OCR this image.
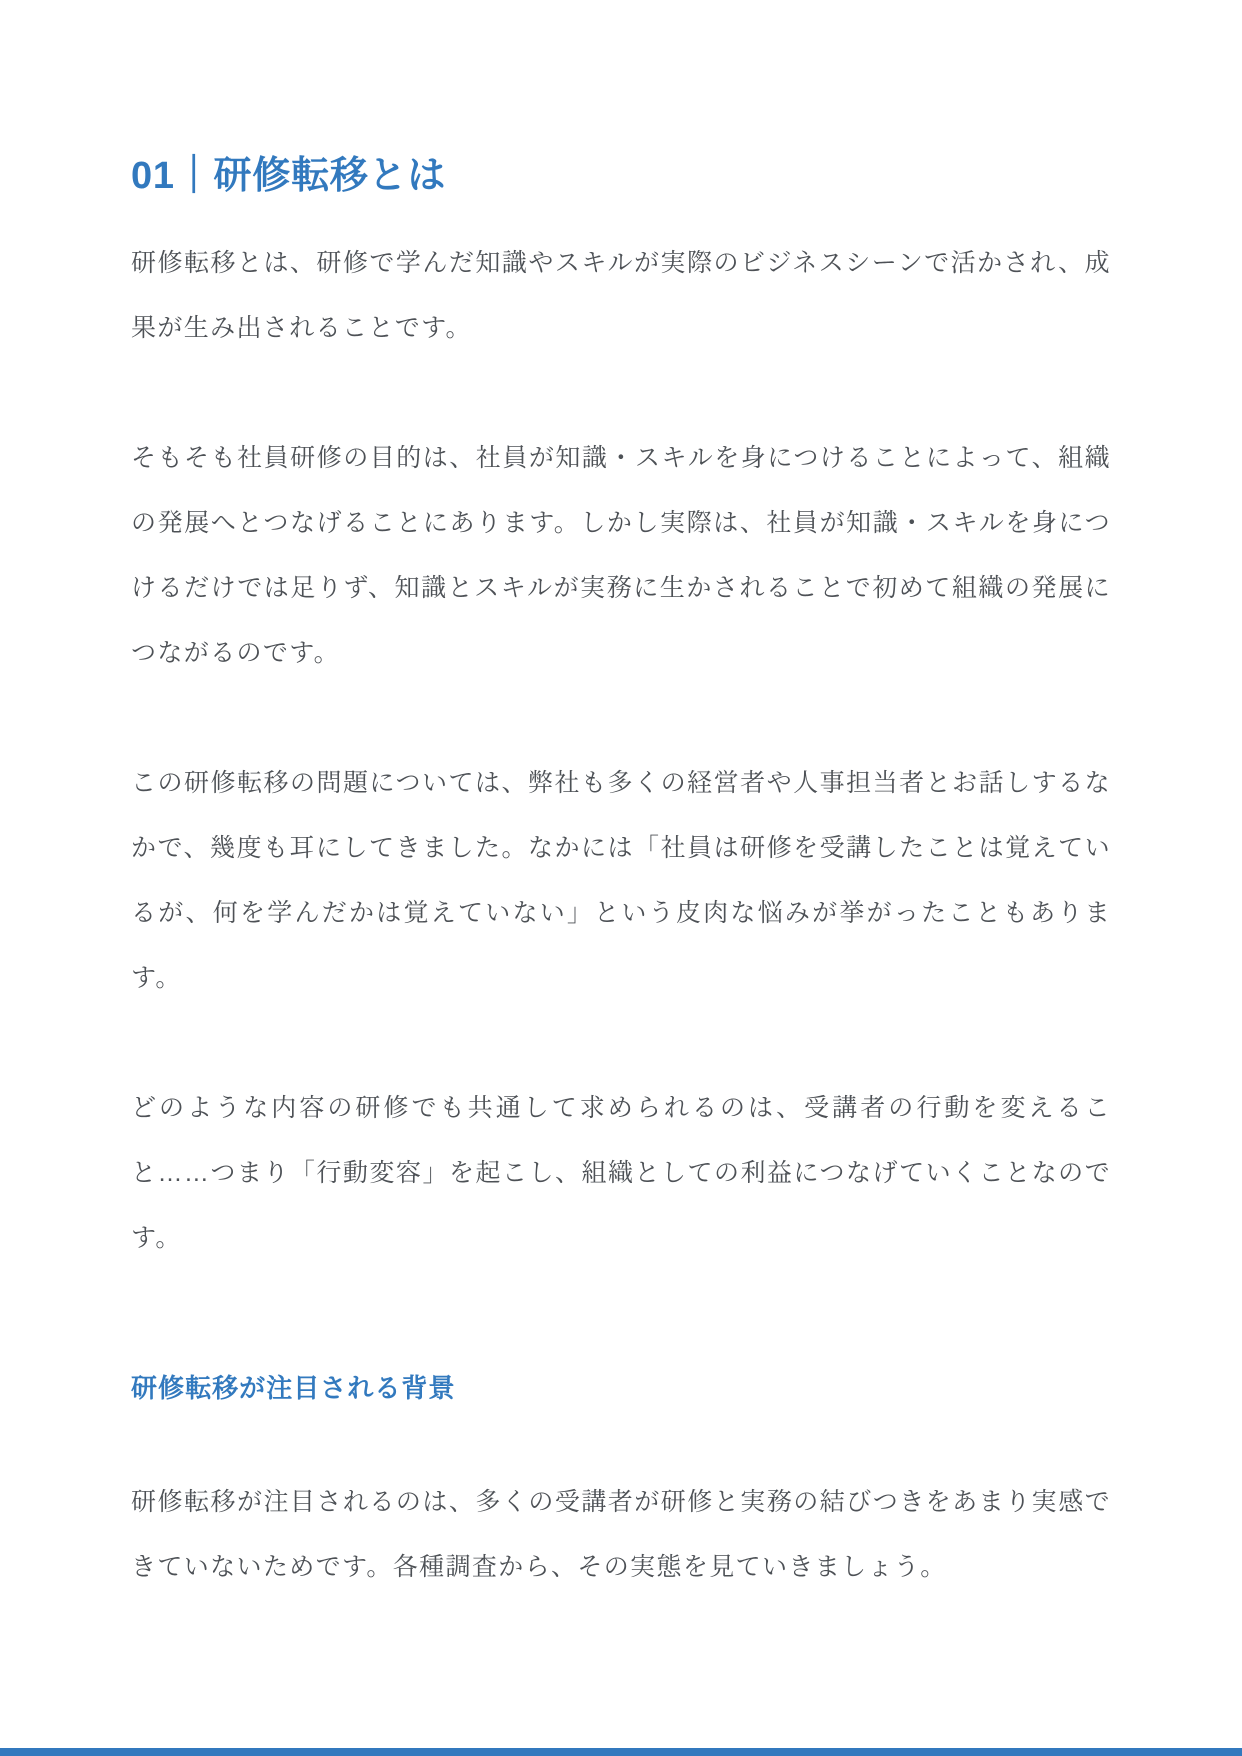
01｜研修転移とは

研修転移とは、研修で学んだ知識やスキルが実際のビジネスシーンで活かされ、成果が生み出されることです。

そもそも社員研修の目的は、社員が知識・スキルを身につけることによって、組織の発展へとつなげることにあります。しかし実際は、社員が知識・スキルを身につけるだけでは足りず、知識とスキルが実務に生かされることで初めて組織の発展につながるのです。

この研修転移の問題については、弊社も多くの経営者や人事担当者とお話しするなかで、幾度も耳にしてきました。なかには「社員は研修を受講したことは覚えているが、何を学んだかは覚えていない」という皮肉な悩みが挙がったこともあります。

どのような内容の研修でも共通して求められるのは、受講者の行動を変えること……つまり「行動変容」を起こし、組織としての利益につなげていくことなのです。

研修転移が注目される背景

研修転移が注目されるのは、多くの受講者が研修と実務の結びつきをあまり実感できていないためです。各種調査から、その実態を見ていきましょう。
